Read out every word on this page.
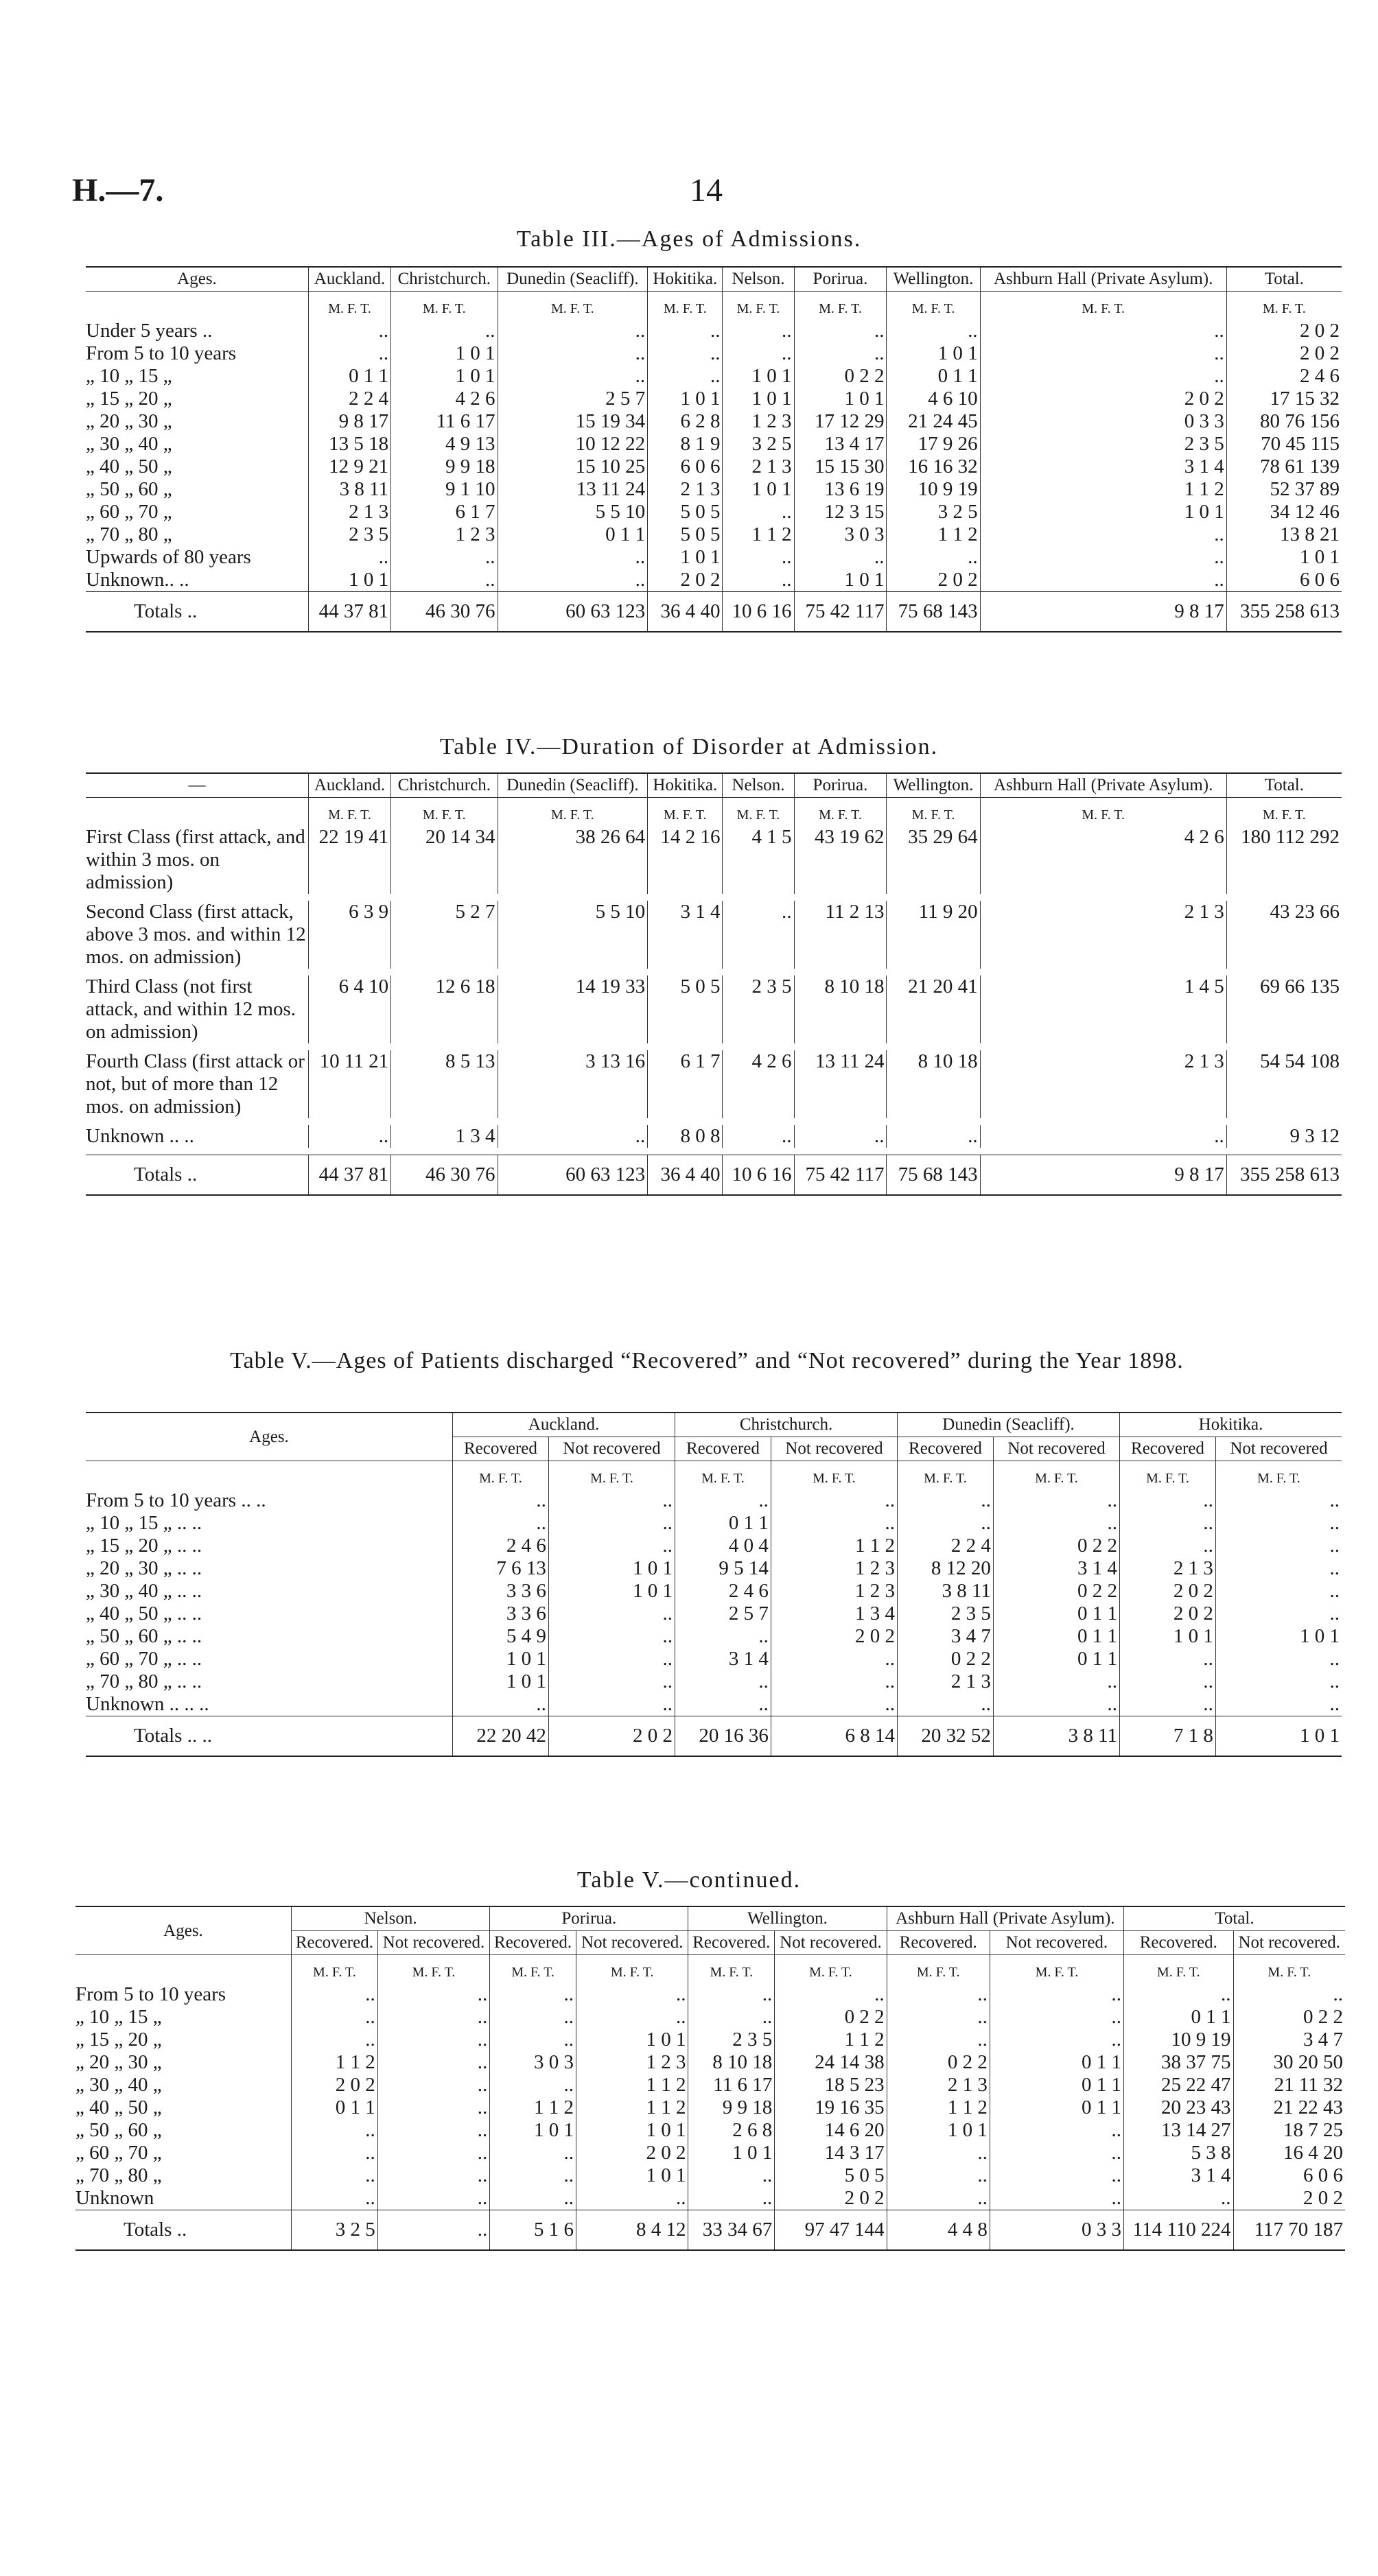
H.—7.	14
Table III.—Ages of Admissions.
Ages.	Auckland.	Christchurch.	Dunedin (Seacliff).	Hokitika.	Nelson.	Porirua.	Wellington.	Ashburn Hall (Private Asylum).	Total.
	M. F. T.	M. F. T.	M. F. T.	M. F. T.	M. F. T.	M. F. T.	M. F. T.	M. F. T.	M. F. T.
Under 5 years ..	..	..	..	..	..	..	..	..	2 0 2
From 5 to 10 years	..	1 0 1	..	..	..	..	1 0 1	..	2 0 2
„ 10 „ 15 „	0 1 1	1 0 1	..	..	1 0 1	0 2 2	0 1 1	..	2 4 6
„ 15 „ 20 „	2 2 4	4 2 6	2 5 7	1 0 1	1 0 1	1 0 1	4 6 10	2 0 2	17 15 32
„ 20 „ 30 „	9 8 17	11 6 17	15 19 34	6 2 8	1 2 3	17 12 29	21 24 45	0 3 3	80 76 156
„ 30 „ 40 „	13 5 18	4 9 13	10 12 22	8 1 9	3 2 5	13 4 17	17 9 26	2 3 5	70 45 115
„ 40 „ 50 „	12 9 21	9 9 18	15 10 25	6 0 6	2 1 3	15 15 30	16 16 32	3 1 4	78 61 139
„ 50 „ 60 „	3 8 11	9 1 10	13 11 24	2 1 3	1 0 1	13 6 19	10 9 19	1 1 2	52 37 89
„ 60 „ 70 „	2 1 3	6 1 7	5 5 10	5 0 5	..	12 3 15	3 2 5	1 0 1	34 12 46
„ 70 „ 80 „	2 3 5	1 2 3	0 1 1	5 0 5	1 1 2	3 0 3	1 1 2	..	13 8 21
Upwards of 80 years	..	..	..	1 0 1	..	..	..	..	1 0 1
Unknown.. ..	1 0 1	..	..	2 0 2	..	1 0 1	2 0 2	..	6 0 6
Totals ..	44 37 81	46 30 76	60 63 123	36 4 40	10 6 16	75 42 117	75 68 143	9 8 17	355 258 613
Table IV.—Duration of Disorder at Admission.
—	Auckland.	Christchurch.	Dunedin (Seacliff).	Hokitika.	Nelson.	Porirua.	Wellington.	Ashburn Hall (Private Asylum).	Total.
	M. F. T.	M. F. T.	M. F. T.	M. F. T.	M. F. T.	M. F. T.	M. F. T.	M. F. T.	M. F. T.
First Class (first attack, and within 3 mos. on admission)	22 19 41	20 14 34	38 26 64	14 2 16	4 1 5	43 19 62	35 29 64	4 2 6	180 112 292

Second Class (first attack, above 3 mos. and within 12 mos. on admission)	6 3 9	5 2 7	5 5 10	3 1 4	..	11 2 13	11 9 20	2 1 3	43 23 66

Third Class (not first attack, and within 12 mos. on admission)	6 4 10	12 6 18	14 19 33	5 0 5	2 3 5	8 10 18	21 20 41	1 4 5	69 66 135

Fourth Class (first attack or not, but of more than 12 mos. on admission)	10 11 21	8 5 13	3 13 16	6 1 7	4 2 6	13 11 24	8 10 18	2 1 3	54 54 108

Unknown .. ..	..	1 3 4	..	8 0 8	..	..	..	..	9 3 12

Totals ..	44 37 81	46 30 76	60 63 123	36 4 40	10 6 16	75 42 117	75 68 143	9 8 17	355 258 613
Table V.—Ages of Patients discharged “Recovered” and “Not recovered” during the Year 1898.
Ages.	Auckland.		Christchurch.		Dunedin (Seacliff).		Hokitika.	
	Recovered	Not recovered	Recovered	Not recovered	Recovered	Not recovered	Recovered	Not recovered
	M. F. T.	M. F. T.	M. F. T.	M. F. T.	M. F. T.	M. F. T.	M. F. T.	M. F. T.
From 5 to 10 years .. ..	..	..	..	..	..	..	..	..
„ 10 „ 15 „ .. ..	..	..	0 1 1	..	..	..	..	..
„ 15 „ 20 „ .. ..	2 4 6	..	4 0 4	1 1 2	2 2 4	0 2 2	..	..
„ 20 „ 30 „ .. ..	7 6 13	1 0 1	9 5 14	1 2 3	8 12 20	3 1 4	2 1 3	..
„ 30 „ 40 „ .. ..	3 3 6	1 0 1	2 4 6	1 2 3	3 8 11	0 2 2	2 0 2	..
„ 40 „ 50 „ .. ..	3 3 6	..	2 5 7	1 3 4	2 3 5	0 1 1	2 0 2	..
„ 50 „ 60 „ .. ..	5 4 9	..	..	2 0 2	3 4 7	0 1 1	1 0 1	1 0 1
„ 60 „ 70 „ .. ..	1 0 1	..	3 1 4	..	0 2 2	0 1 1	..	..
„ 70 „ 80 „ .. ..	1 0 1	..	..	..	2 1 3	..	..	..
Unknown .. .. ..	..	..	..	..	..	..	..	..
Totals .. ..	22 20 42	2 0 2	20 16 36	6 8 14	20 32 52	3 8 11	7 1 8	1 0 1
Table V.—continued.
Ages.	Nelson.		Porirua.		Wellington.		Ashburn Hall (Private Asylum).		Total.	
	Recovered.	Not recovered.	Recovered.	Not recovered.	Recovered.	Not recovered.	Recovered.	Not recovered.	Recovered.	Not recovered.
	M. F. T.	M. F. T.	M. F. T.	M. F. T.	M. F. T.	M. F. T.	M. F. T.	M. F. T.	M. F. T.	M. F. T.
From 5 to 10 years	..	..	..	..	..	..	..	..	..	..
„ 10 „ 15 „	..	..	..	..	..	0 2 2	..	..	0 1 1	0 2 2
„ 15 „ 20 „	..	..	..	1 0 1	2 3 5	1 1 2	..	..	10 9 19	3 4 7
„ 20 „ 30 „	1 1 2	..	3 0 3	1 2 3	8 10 18	24 14 38	0 2 2	0 1 1	38 37 75	30 20 50
„ 30 „ 40 „	2 0 2	..	..	1 1 2	11 6 17	18 5 23	2 1 3	0 1 1	25 22 47	21 11 32
„ 40 „ 50 „	0 1 1	..	1 1 2	1 1 2	9 9 18	19 16 35	1 1 2	0 1 1	20 23 43	21 22 43
„ 50 „ 60 „	..	..	1 0 1	1 0 1	2 6 8	14 6 20	1 0 1	..	13 14 27	18 7 25
„ 60 „ 70 „	..	..	..	2 0 2	1 0 1	14 3 17	..	..	5 3 8	16 4 20
„ 70 „ 80 „	..	..	..	1 0 1	..	5 0 5	..	..	3 1 4	6 0 6
Unknown	..	..	..	..	..	2 0 2	..	..	..	2 0 2
Totals ..	3 2 5	..	5 1 6	8 4 12	33 34 67	97 47 144	4 4 8	0 3 3	114 110 224	117 70 187
